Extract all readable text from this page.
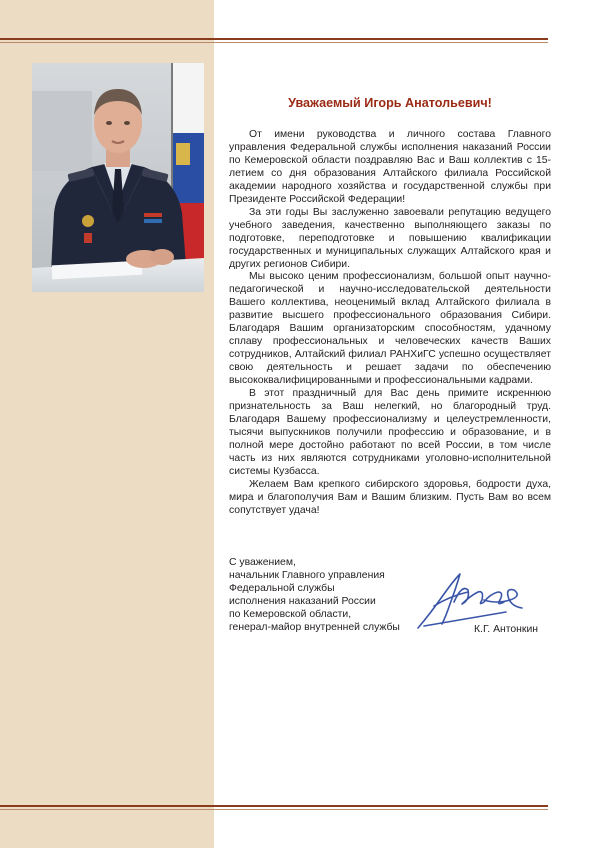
Уважаемый Игорь Анатольевич!

От имени руководства и личного состава Главного управления Федеральной службы исполнения наказаний России по Кемеровской области поздравляю Вас и Ваш коллектив с 15-летием со дня образования Алтайского филиала Российской академии народного хозяйства и государственной службы при Президенте Российской Федерации!

За эти годы Вы заслуженно завоевали репутацию ведущего учебного заведения, качественно выполняющего заказы по подготовке, переподготовке и повышению квалификации государственных и муниципальных служащих Алтайского края и других регионов Сибири.

Мы высоко ценим профессионализм, большой опыт научно-педагогической и научно-исследовательской деятельности Вашего коллектива, неоценимый вклад Алтайского филиала в развитие высшего профессионального образования Сибири. Благодаря Вашим организаторским способностям, удачному сплаву профессиональных и человеческих качеств Ваших сотрудников, Алтайский филиал РАНХиГС успешно осуществляет свою деятельность и решает задачи по обеспечению высококвалифицированными и профессиональными кадрами.

В этот праздничный для Вас день примите искреннюю признательность за Ваш нелегкий, но благородный труд. Благодаря Вашему профессионализму и целеустремленности, тысячи выпускников получили профессию и образование, и в полной мере достойно работают по всей России, в том числе часть из них являются сотрудниками уголовно-исполнительной системы Кузбасса.

Желаем Вам крепкого сибирского здоровья, бодрости духа, мира и благополучия Вам и Вашим близким. Пусть Вам во всем сопутствует удача!

С уважением,
начальник Главного управления
Федеральной службы
исполнения наказаний России
по Кемеровской области,
генерал-майор внутренней службы	К.Г. Антонкин
